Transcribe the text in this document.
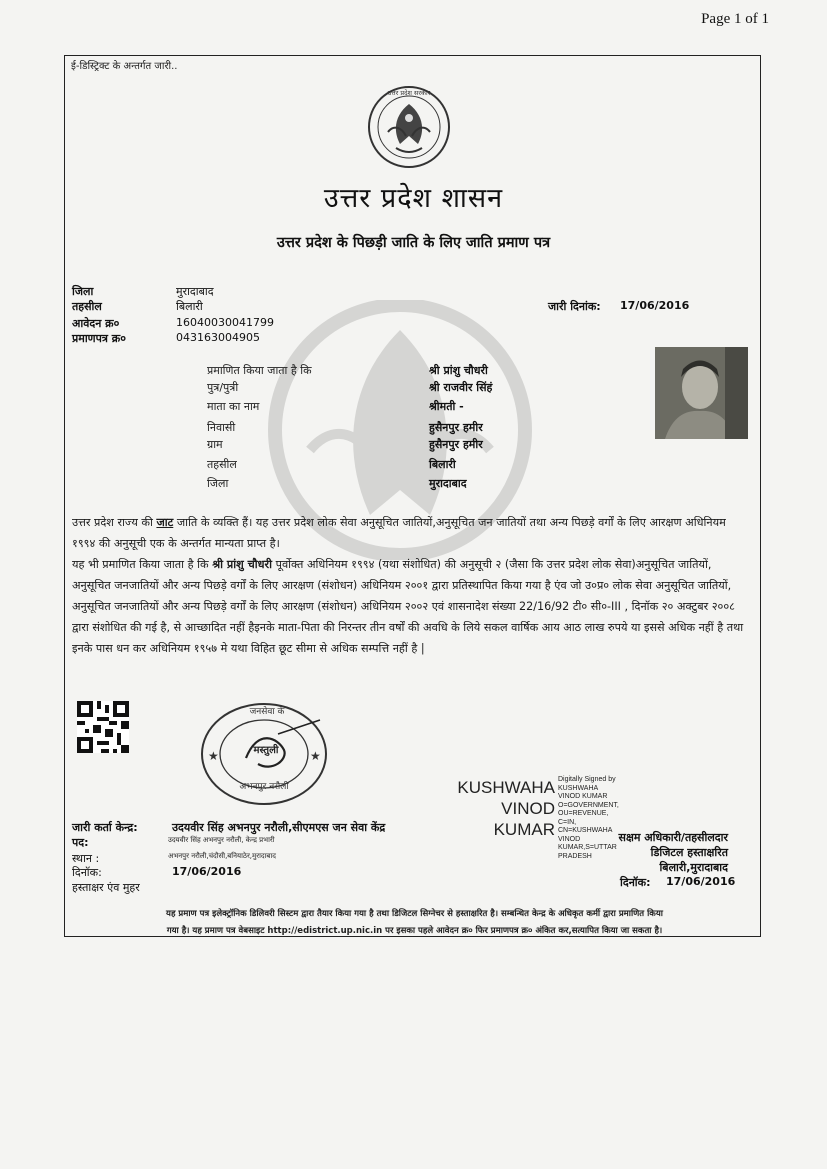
Page 1 of 1
ई-डिस्ट्रिक्ट के अन्तर्गत जारी..
उत्तर प्रदेश सरकार
उत्तर प्रदेश शासन
उत्तर प्रदेश के पिछड़ी जाति के लिए जाति प्रमाण पत्र
जिला	मुरादाबाद
तहसील	बिलारी
आवेदन क्र०	16040030041799
प्रमाणपत्र क्र०	043163004905
जारी दिनांक: 17/06/2016
प्रमाणित किया जाता है कि	श्री प्रांशु चौधरी
पुत्र/पुत्री	श्री राजवीर सिंहं
माता का नाम	श्रीमती -
निवासी	हुसैनपुर हमीर
ग्राम	हुसैनपुर हमीर
तहसील	बिलारी
जिला	मुरादाबाद
उत्तर प्रदेश राज्य की जाट जाति के व्यक्ति हैं। यह उत्तर प्रदेश लोक सेवा अनुसूचित जातियों,अनुसूचित जन जातियों तथा अन्य पिछड़े वर्गों के लिए आरक्षण अधिनियम १९९४ की अनुसूची एक के अन्तर्गत मान्यता प्राप्त है।
यह भी प्रमाणित किया जाता है कि श्री प्रांशु चौधरी पूर्वोक्त अधिनियम १९९४ (यथा संशोधित) की अनुसूची २ (जैसा कि उत्तर प्रदेश लोक सेवा)अनुसूचित जातियों, अनुसूचित जनजातियों और अन्य पिछड़े वर्गों के लिए आरक्षण (संशोधन) अधिनियम २००१ द्वारा प्रतिस्थापित किया गया है एंव जो उ०प्र० लोक सेवा अनुसूचित जातियों, अनुसूचित जनजातियों और अन्य पिछड़े वर्गों के लिए आरक्षण (संशोधन) अधिनियम २००२ एवं शासनादेश संख्या 22/16/92 टी० सी०-III , दिनॉक २० अक्टुबर २००८ द्वारा संशोधित की गई है, से आच्छादित नहीं हैइनके माता-पिता की निरन्तर तीन वर्षों की अवधि के लिये सकल वार्षिक आय आठ लाख रुपये या इससे अधिक नहीं है तथा इनके पास धन कर अधिनियम १९५७ मे यथा विहित छूट सीमा से अधिक सम्पत्ति नहीं है |
★	★
जनसेवा के
मस्तुली
अभनपुर नरौली	KUSHWAHA
VINOD
KUMAR
Digitally Signed by
KUSHWAHA
VINOD KUMAR
O=GOVERNMENT,
OU=REVENUE,
C=IN,
CN=KUSHWAHA
VINOD
KUMAR,S=UTTAR
PRADESH
जारी कर्ता केन्द्र:	उदयवीर सिंह अभनपुर नरौली,सीएमएस जन सेवा केंद्र
पद:	उदयवीर सिंह अभनपुर नरौली, केन्द्र प्रभारी
स्थान :	अभनपुर नरौली,चंदौसी,बनियाठेर,मुरादाबाद
दिनॉक:	17/06/2016
हस्ताक्षर एंव मुहर
सक्षम अधिकारी/तहसीलदार
डिजिटल हस्ताक्षरित
बिलारी,मुरादाबाद
दिनॉक: 17/06/2016
यह प्रमाण पत्र इलेक्ट्रॉनिक डिलिवरी सिस्टम द्वारा तैयार किया गया है तथा डिजिटल सिग्नेचर से हस्ताक्षरित है। सम्बन्धित केन्द्र के अधिकृत कर्मी द्वारा प्रमाणित किया
गया है। यह प्रमाण पत्र वेबसाइट http://edistrict.up.nic.in पर इसका पहले आवेदन क्र० फिर प्रमाणपत्र क्र० अंकित कर,सत्यापित किया जा सकता है।
